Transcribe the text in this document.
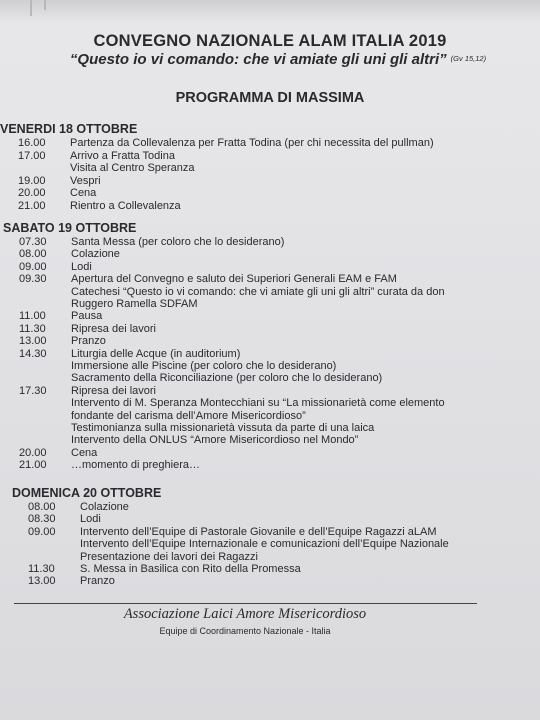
CONVEGNO NAZIONALE ALAM ITALIA 2019
“Questo io vi comando: che vi amiate gli uni gli altri” $^{(Gv 15,12)}$
PROGRAMMA DI MASSIMA
VENERDI 18 OTTOBRE
16.00 Partenza da Collevalenza per Fratta Todina (per chi necessita del pullman)
17.00 Arrivo a Fratta Todina
Visita al Centro Speranza
19.00 Vespri
20.00 Cena
21.00 Rientro a Collevalenza
SABATO 19 OTTOBRE
07.30 Santa Messa (per coloro che lo desiderano)
08.00 Colazione
09.00 Lodi
09.30 Apertura del Convegno e saluto dei Superiori Generali EAM e FAM
Catechesi “Questo io vi comando: che vi amiate gli uni gli altri” curata da don
Ruggero Ramella SDFAM
11.00 Pausa
11.30 Ripresa dei lavori
13.00 Pranzo
14.30 Liturgia delle Acque (in auditorium)
Immersione alle Piscine (per coloro che lo desiderano)
Sacramento della Riconciliazione (per coloro che lo desiderano)
17.30 Ripresa dei lavori
Intervento di M. Speranza Montecchiani su “La missionarietà come elemento
fondante del carisma dell’Amore Misericordioso”
Testimonianza sulla missionarietà vissuta da parte di una laica
Intervento della ONLUS “Amore Misericordioso nel Mondo”
20.00 Cena
21.00 …momento di preghiera…
DOMENICA 20 OTTOBRE
08.00 Colazione
08.30 Lodi
09.00 Intervento dell’Equipe di Pastorale Giovanile e dell’Equipe Ragazzi aLAM
Intervento dell’Equipe Internazionale e comunicazioni dell’Equipe Nazionale
Presentazione dei lavori dei Ragazzi
11.30 S. Messa in Basilica con Rito della Promessa
13.00 Pranzo
Associazione Laici Amore Misericordioso
Equipe di Coordinamento Nazionale - Italia
